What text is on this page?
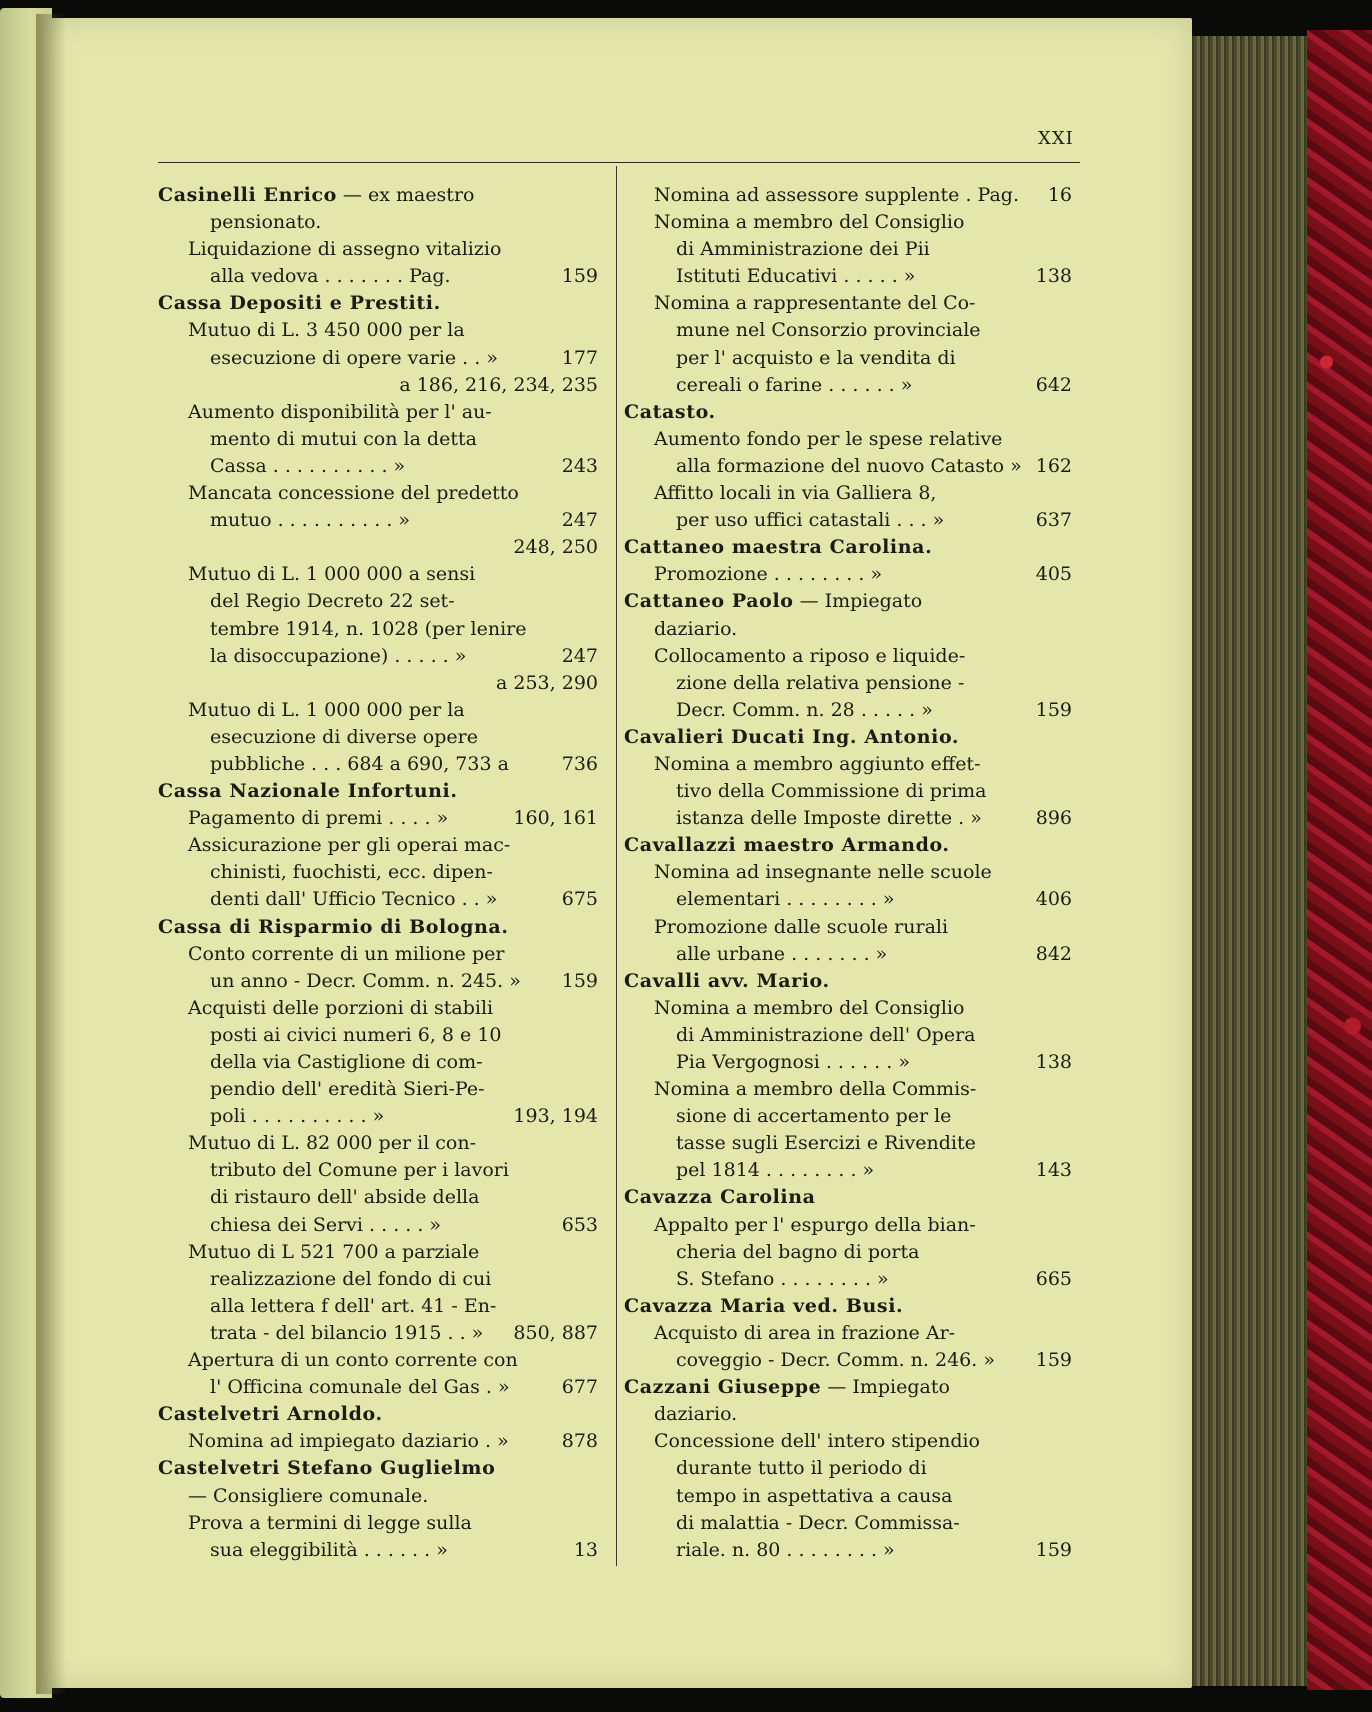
XXI
Casinelli Enrico — ex maestro
pensionato.
Liquidazione di assegno vitalizio
alla vedova . . . . . . . Pag.	159
Cassa Depositi e Prestiti.
Mutuo di L. 3 450 000 per la
esecuzione di opere varie . . »	177
a 186, 216, 234, 235
Aumento disponibilità per l' au-
mento di mutui con la detta
Cassa . . . . . . . . . . »	243
Mancata concessione del predetto
mutuo . . . . . . . . . . »	247
248, 250
Mutuo di L. 1 000 000 a sensi
del Regio Decreto 22 set-
tembre 1914, n. 1028 (per lenire
la disoccupazione) . . . . . »	247
a 253, 290
Mutuo di L. 1 000 000 per la
esecuzione di diverse opere
pubbliche . . . 684 a 690, 733 a	736
Cassa Nazionale Infortuni.
Pagamento di premi . . . . »	160, 161
Assicurazione per gli operai mac-
chinisti, fuochisti, ecc. dipen-
denti dall' Ufficio Tecnico . . »	675
Cassa di Risparmio di Bologna.
Conto corrente di un milione per
un anno - Decr. Comm. n. 245. » 159
Acquisti delle porzioni di stabili
posti ai civici numeri 6, 8 e 10
della via Castiglione di com-
pendio dell' eredità Sieri-Pe-
poli . . . . . . . . . . »	193, 194
Mutuo di L. 82 000 per il con-
tributo del Comune per i lavori
di ristauro dell' abside della
chiesa dei Servi . . . . . »	653
Mutuo di L 521 700 a parziale
realizzazione del fondo di cui
alla lettera f dell' art. 41 - En-
trata - del bilancio 1915 . . » 850, 887
Apertura di un conto corrente con
l' Officina comunale del Gas . »	677
Castelvetri Arnoldo.
Nomina ad impiegato daziario . »	878
Castelvetri Stefano Guglielmo
— Consigliere comunale.
Prova a termini di legge sulla
sua eleggibilità . . . . . . »	13
Nomina ad assessore supplente . Pag. 16
Nomina a membro del Consiglio
di Amministrazione dei Pii
Istituti Educativi . . . . . »	138
Nomina a rappresentante del Co-
mune nel Consorzio provinciale
per l' acquisto e la vendita di
cereali o farine . . . . . . »	642
Catasto.
Aumento fondo per le spese relative
alla formazione del nuovo Catasto » 162
Affitto locali in via Galliera 8,
per uso uffici catastali . . . »	637
Cattaneo maestra Carolina.
Promozione . . . . . . . . »	405
Cattaneo Paolo — Impiegato
daziario.
Collocamento a riposo e liquide-
zione della relativa pensione -
Decr. Comm. n. 28 . . . . . »	159
Cavalieri Ducati Ing. Antonio.
Nomina a membro aggiunto effet-
tivo della Commissione di prima
istanza delle Imposte dirette . »	896
Cavallazzi maestro Armando.
Nomina ad insegnante nelle scuole
elementari . . . . . . . . »	406
Promozione dalle scuole rurali
alle urbane . . . . . . . »	842
Cavalli avv. Mario.
Nomina a membro del Consiglio
di Amministrazione dell' Opera
Pia Vergognosi . . . . . . »	138
Nomina a membro della Commis-
sione di accertamento per le
tasse sugli Esercizi e Rivendite
pel 1814 . . . . . . . . »	143
Cavazza Carolina
Appalto per l' espurgo della bian-
cheria del bagno di porta
S. Stefano . . . . . . . . »	665
Cavazza Maria ved. Busi.
Acquisto di area in frazione Ar-
coveggio - Decr. Comm. n. 246. » 159
Cazzani Giuseppe — Impiegato
daziario.
Concessione dell' intero stipendio
durante tutto il periodo di
tempo in aspettativa a causa
di malattia - Decr. Commissa-
riale. n. 80 . . . . . . . . »	159
